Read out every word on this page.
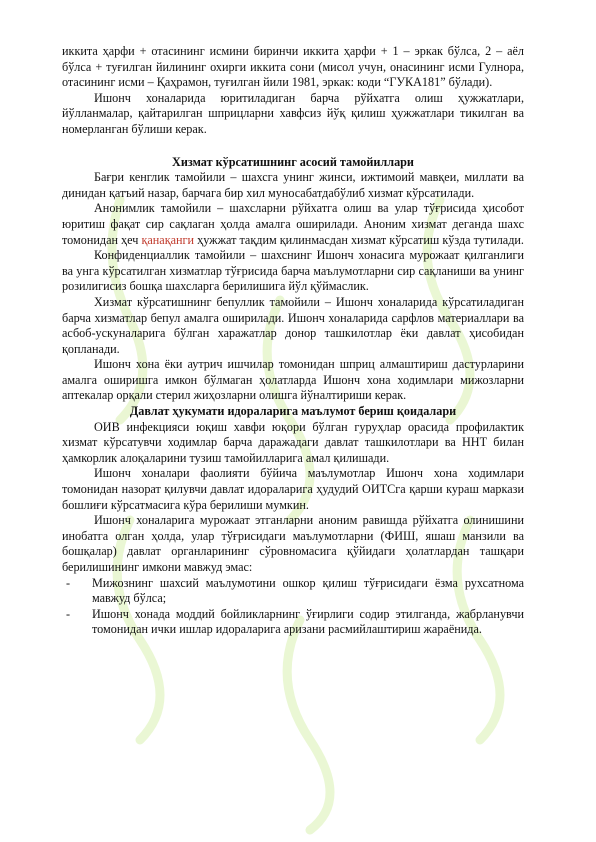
иккита ҳарфи + отасининг исмини биринчи иккита ҳарфи + 1 – эркак бўлса, 2 – аёл бўлса + туғилган йилининг охирги иккита сони (мисол учун, онасининг исми Гулнора, отасининг исми – Қаҳрамон, туғилган йили 1981, эркак: коди “ГУКА181” бўлади).

Ишонч хоналарида юритиладиган барча рўйхатга олиш ҳужжатлари, йўлланмалар, қайтарилган шприцларни хавфсиз йўқ қилиш ҳужжатлари тикилган ва номерланган бўлиши керак.

Хизмат кўрсатишнинг асосий тамойиллари

Бағри кенглик тамойили – шахсга унинг жинси, ижтимоий мавқеи, миллати ва динидан қатъий назар, барчага бир хил муносабатдабўлиб хизмат кўрсатилади.

Анонимлик тамойили – шахсларни рўйхатга олиш ва улар тўғрисида ҳисобот юритиш фақат сир сақлаган ҳолда амалга оширилади. Аноним хизмат деганда шахс томонидан ҳеч қанақанги ҳужжат тақдим қилинмасдан хизмат кўрсатиш кўзда тутилади.

Конфиденциаллик тамойили – шахснинг Ишонч хонасига мурожаат қилганлиги ва унга кўрсатилган хизматлар тўғрисида барча маълумотларни сир сақланиши ва унинг розилигисиз бошқа шахсларга берилишига йўл қўймаслик.

Хизмат кўрсатишнинг бепуллик тамойили – Ишонч хоналарида кўрсатиладиган барча хизматлар бепул амалга оширилади. Ишонч хоналарида сарфлов материаллари ва асбоб-ускуналарига бўлган харажатлар донор ташкилотлар ёки давлат ҳисобидан қопланади.

Ишонч хона ёки аутрич ишчилар томонидан шприц алмаштириш дастурларини амалга оширишга имкон бўлмаган ҳолатларда Ишонч хона ходимлари мижозларни аптекалар орқали стерил жиҳозларни олишга йўналтириши керак.

Давлат ҳукумати идораларига маълумот бериш қоидалари

ОИВ инфекцияси юқиш хавфи юқори бўлган гуруҳлар орасида профилактик хизмат кўрсатувчи ходимлар барча даражадаги давлат ташкилотлари ва ННТ билан ҳамкорлик алоқаларини тузиш тамойилларига амал қилишади.

Ишонч хоналари фаолияти бўйича маълумотлар Ишонч хона ходимлари томонидан назорат қилувчи давлат идораларига ҳудудий ОИТСга қарши кураш маркази бошлиғи кўрсатмасига кўра берилиши мумкин.

Ишонч хоналарига мурожаат этганларни аноним равишда рўйхатга олинишини инобатга олган ҳолда, улар тўғрисидаги маълумотларни (ФИШ, яшаш манзили ва бошқалар) давлат органларининг сўровномасига қўйидаги ҳолатлардан ташқари берилишининг имкони мавжуд эмас:

- Мижознинг шахсий маълумотини ошкор қилиш тўғрисидаги ёзма рухсатнома мавжуд бўлса;
- Ишонч хонада моддий бойликларнинг ўғирлиги содир этилганда, жабрланувчи томонидан ички ишлар идораларига аризани расмийлаштириш жараёнида.
